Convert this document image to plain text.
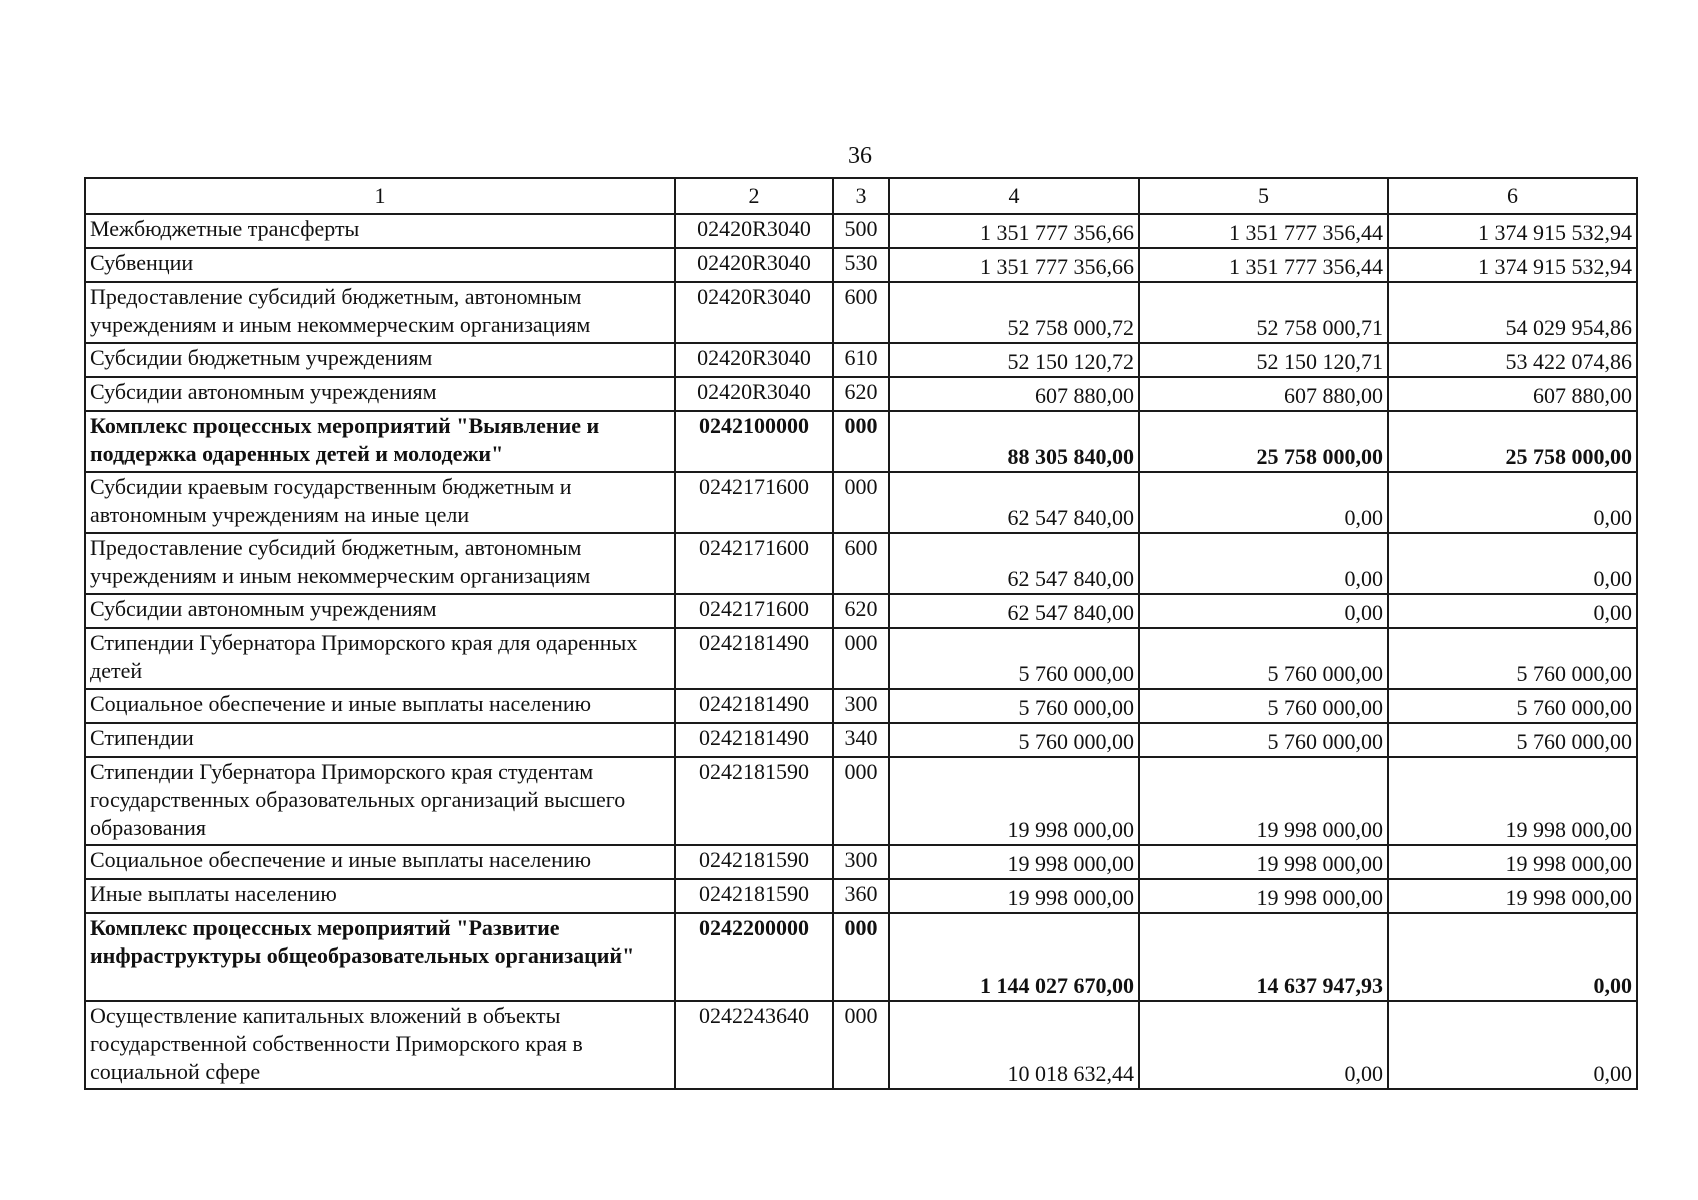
36
1	2	3	4	5	6
Межбюджетные трансферты	02420R3040	500	1 351 777 356,66	1 351 777 356,44	1 374 915 532,94
Субвенции	02420R3040	530	1 351 777 356,66	1 351 777 356,44	1 374 915 532,94
Предоставление субсидий бюджетным, автономным учреждениям и иным некоммерческим организациям	02420R3040	600	52 758 000,72	52 758 000,71	54 029 954,86
Субсидии бюджетным учреждениям	02420R3040	610	52 150 120,72	52 150 120,71	53 422 074,86
Субсидии автономным учреждениям	02420R3040	620	607 880,00	607 880,00	607 880,00
Комплекс процессных мероприятий "Выявление и поддержка одаренных детей и молодежи"	0242100000	000	88 305 840,00	25 758 000,00	25 758 000,00
Субсидии краевым государственным бюджетным и автономным учреждениям на иные цели	0242171600	000	62 547 840,00	0,00	0,00
Предоставление субсидий бюджетным, автономным учреждениям и иным некоммерческим организациям	0242171600	600	62 547 840,00	0,00	0,00
Субсидии автономным учреждениям	0242171600	620	62 547 840,00	0,00	0,00
Стипендии Губернатора Приморского края для одаренных детей	0242181490	000	5 760 000,00	5 760 000,00	5 760 000,00
Социальное обеспечение и иные выплаты населению	0242181490	300	5 760 000,00	5 760 000,00	5 760 000,00
Стипендии	0242181490	340	5 760 000,00	5 760 000,00	5 760 000,00
Стипендии Губернатора Приморского края студентам государственных образовательных организаций высшего образования	0242181590	000	19 998 000,00	19 998 000,00	19 998 000,00
Социальное обеспечение и иные выплаты населению	0242181590	300	19 998 000,00	19 998 000,00	19 998 000,00
Иные выплаты населению	0242181590	360	19 998 000,00	19 998 000,00	19 998 000,00
Комплекс процессных мероприятий "Развитие инфраструктуры общеобразовательных организаций"	0242200000	000	1 144 027 670,00	14 637 947,93	0,00
Осуществление капитальных вложений в объекты государственной собственности Приморского края в социальной сфере	0242243640	000	10 018 632,44	0,00	0,00
